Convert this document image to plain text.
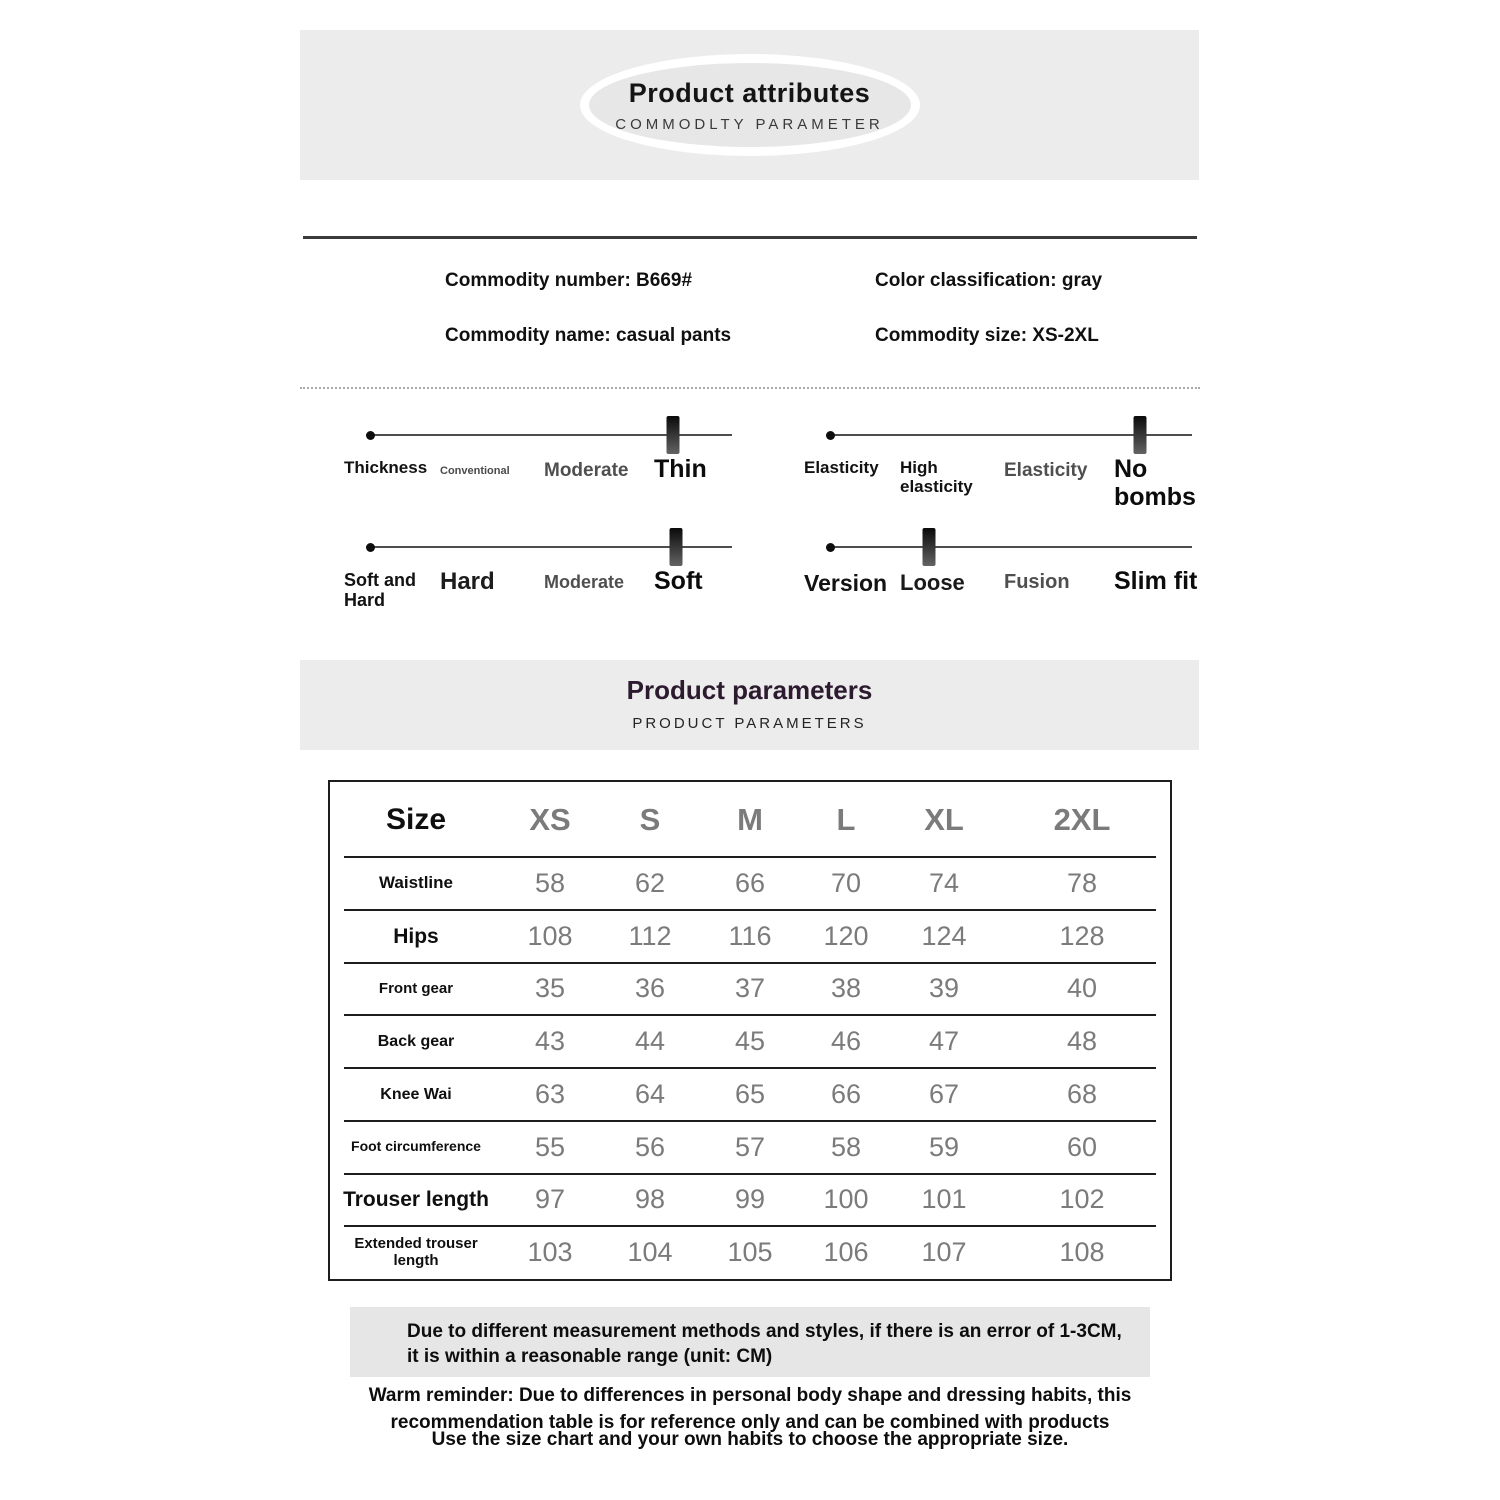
Product attributes
COMMODLTY PARAMETER
Commodity number: B669#	Color classification: gray
Commodity name: casual pants	Commodity size: XS-2XL
Thickness	Conventional	Moderate	Thin	Elasticity	High elasticity
Elasticity	No bombs
Soft and Hard
Hard	Moderate	Soft	Version Loose	Fusion	Slim fit
Product parameters
PRODUCT PARAMETERS
Size	XS	S	M	L	XL	2XL
Waistline	58	62	66	70	74	78
Hips	108	112	116	120	124	128
Front gear	35	36	37	38	39	40
Back gear	43	44	45	46	47	48
Knee Wai	63	64	65	66	67	68
Foot circumference	55	56	57	58	59	60
Trouser length	97	98	99	100	101	102
Extended trouser length	103	104	105	106	107	108
Due to different measurement methods and styles, if there is an error of 1-3CM,
it is within a reasonable range (unit: CM)
Warm reminder: Due to differences in personal body shape and dressing habits, this
recommendation table is for reference only and can be combined with products
Use the size chart and your own habits to choose the appropriate size.
